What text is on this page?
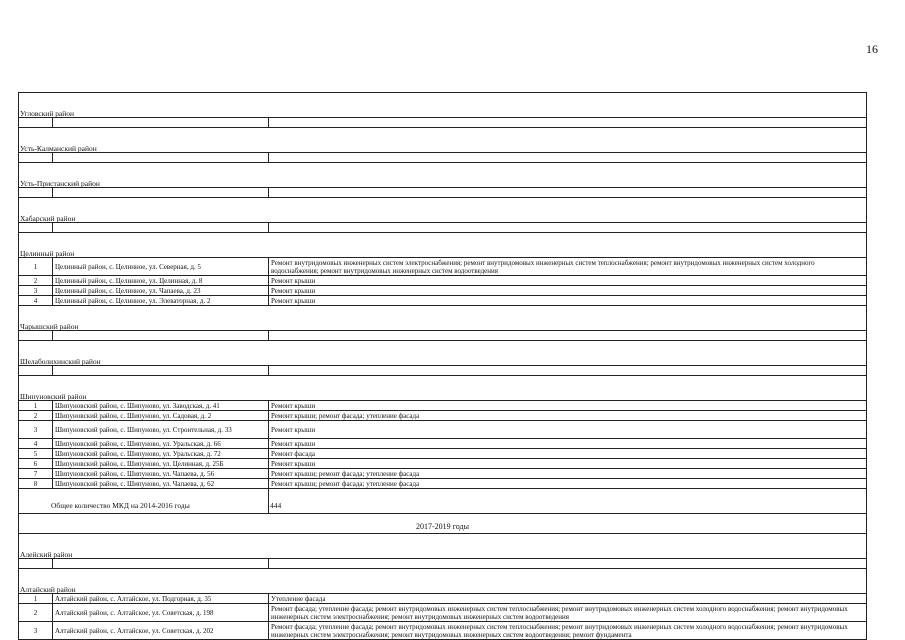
16
Угловский район
Усть-Калманский район
Усть-Пристанский район
Хабарский район
Целинный район
1	Целинный район, с. Целинное, ул. Северная, д. 5	Ремонт внутридомовых инженерных систем электроснабжения; ремонт внутридомовых инженерных систем теплоснабжения; ремонт внутридомовых инженерных систем холодного водоснабжения; ремонт внутридомовых инженерных систем водоотведения
2	Целинный район, с. Целинное, ул. Целинная, д. 8	Ремонт крыши
3	Целинный район, с. Целинное, ул. Чапаева, д. 23	Ремонт крыши
4	Целинный район, с. Целинное, ул. Элеваторная, д. 2	Ремонт крыши
Чарышский район
Шелаболихинский район
Шипуновский район
1	Шипуновский район, с. Шипуново, ул. Заводская, д. 41	Ремонт крыши
2	Шипуновский район, с. Шипуново, ул. Садовая, д. 2	Ремонт крыши; ремонт фасада; утепление фасада
3	Шипуновский район, с. Шипуново, ул. Строительная, д. 33	Ремонт крыши
4	Шипуновский район, с. Шипуново, ул. Уральская, д. 66	Ремонт крыши
5	Шипуновский район, с. Шипуново, ул. Уральская, д. 72	Ремонт фасада
6	Шипуновский район, с. Шипуново, ул. Целинная, д. 25Б	Ремонт крыши
7	Шипуновский район, с. Шипуново, ул. Чапаева, д. 56	Ремонт крыши; ремонт фасада; утепление фасада
8	Шипуновский район, с. Шипуново, ул. Чапаева, д. 62	Ремонт крыши; ремонт фасада; утепление фасада
Общее количество МКД на 2014-2016 годы	444
2017-2019 годы
Алейский район
Алтайский район
1	Алтайский район, с. Алтайское, ул. Подгорная, д. 35	Утепление фасада
2	Алтайский район, с. Алтайское, ул. Советская, д. 198	Ремонт фасада; утепление фасада; ремонт внутридомовых инженерных систем теплоснабжения; ремонт внутридомовых инженерных систем холодного водоснабжения; ремонт внутридомовых инженерных систем электроснабжения; ремонт внутридомовых инженерных систем водоотведения
3	Алтайский район, с. Алтайское, ул. Советская, д. 202	Ремонт фасада; утепление фасада; ремонт внутридомовых инженерных систем теплоснабжения; ремонт внутридомовых инженерных систем холодного водоснабжения; ремонт внутридомовых инженерных систем электроснабжения; ремонт внутридомовых инженерных систем водоотведения; ремонт фундамента
